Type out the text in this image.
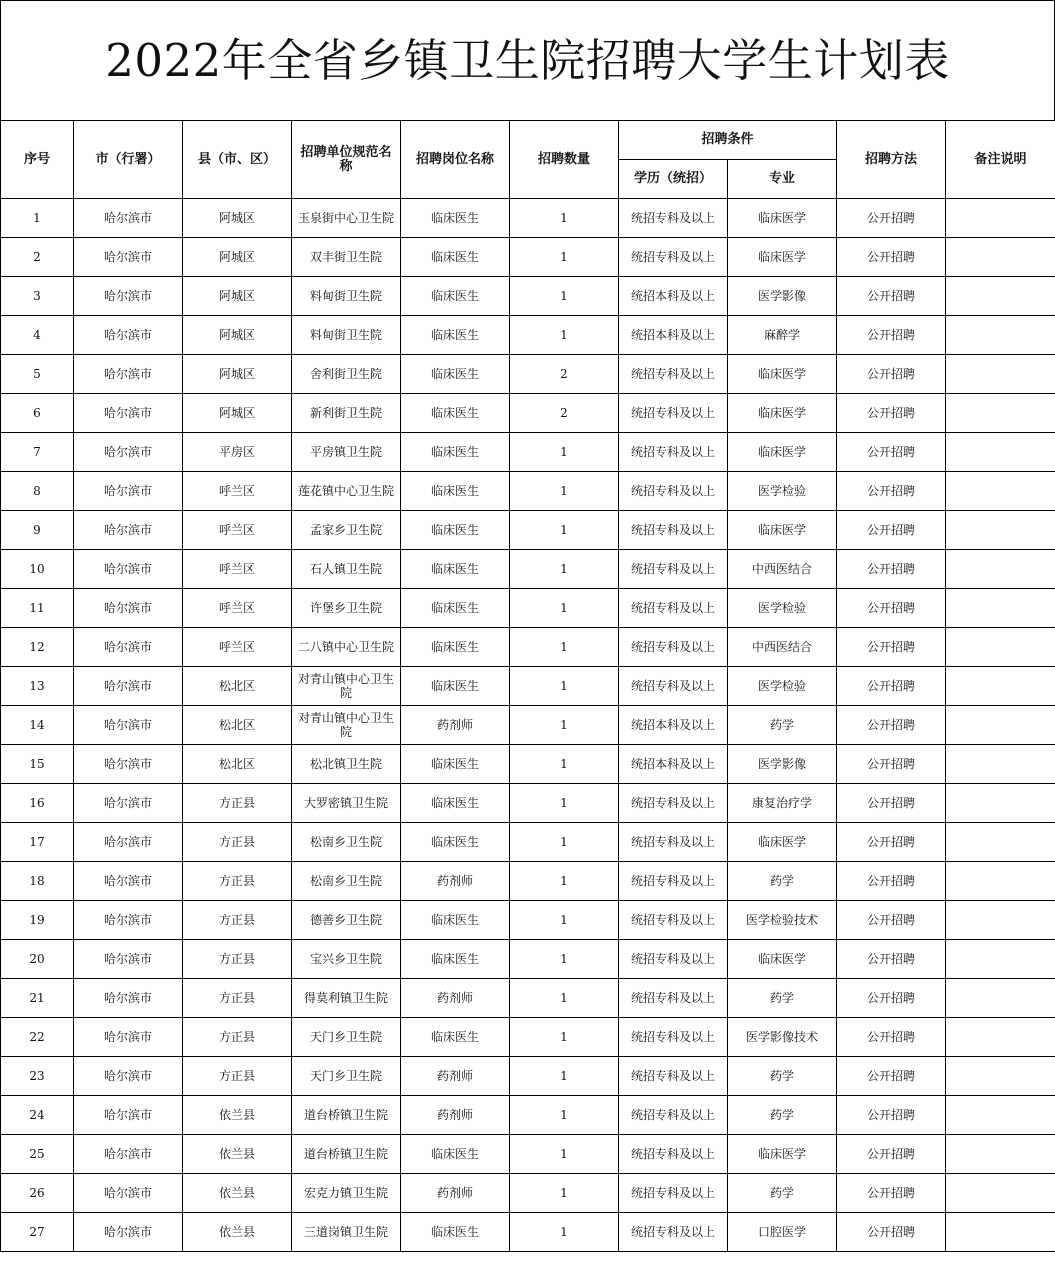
2022年全省乡镇卫生院招聘大学生计划表
序号	市（行署）	县（市、区）	招聘单位规范名称	招聘岗位名称	招聘数量	招聘条件		招聘方法	备注说明
						学历（统招）	专业		
1	哈尔滨市	阿城区	玉泉街中心卫生院	临床医生	1	统招专科及以上	临床医学	公开招聘	
2	哈尔滨市	阿城区	双丰街卫生院	临床医生	1	统招专科及以上	临床医学	公开招聘	
3	哈尔滨市	阿城区	料甸街卫生院	临床医生	1	统招本科及以上	医学影像	公开招聘	
4	哈尔滨市	阿城区	料甸街卫生院	临床医生	1	统招本科及以上	麻醉学	公开招聘	
5	哈尔滨市	阿城区	舍利街卫生院	临床医生	2	统招专科及以上	临床医学	公开招聘	
6	哈尔滨市	阿城区	新利街卫生院	临床医生	2	统招专科及以上	临床医学	公开招聘	
7	哈尔滨市	平房区	平房镇卫生院	临床医生	1	统招专科及以上	临床医学	公开招聘	
8	哈尔滨市	呼兰区	莲花镇中心卫生院	临床医生	1	统招专科及以上	医学检验	公开招聘	
9	哈尔滨市	呼兰区	孟家乡卫生院	临床医生	1	统招专科及以上	临床医学	公开招聘	
10	哈尔滨市	呼兰区	石人镇卫生院	临床医生	1	统招专科及以上	中西医结合	公开招聘	
11	哈尔滨市	呼兰区	许堡乡卫生院	临床医生	1	统招专科及以上	医学检验	公开招聘	
12	哈尔滨市	呼兰区	二八镇中心卫生院	临床医生	1	统招专科及以上	中西医结合	公开招聘	
13	哈尔滨市	松北区	对青山镇中心卫生院	临床医生	1	统招专科及以上	医学检验	公开招聘	
14	哈尔滨市	松北区	对青山镇中心卫生院	药剂师	1	统招本科及以上	药学	公开招聘	
15	哈尔滨市	松北区	松北镇卫生院	临床医生	1	统招本科及以上	医学影像	公开招聘	
16	哈尔滨市	方正县	大罗密镇卫生院	临床医生	1	统招专科及以上	康复治疗学	公开招聘	
17	哈尔滨市	方正县	松南乡卫生院	临床医生	1	统招专科及以上	临床医学	公开招聘	
18	哈尔滨市	方正县	松南乡卫生院	药剂师	1	统招专科及以上	药学	公开招聘	
19	哈尔滨市	方正县	德善乡卫生院	临床医生	1	统招专科及以上	医学检验技术	公开招聘	
20	哈尔滨市	方正县	宝兴乡卫生院	临床医生	1	统招专科及以上	临床医学	公开招聘	
21	哈尔滨市	方正县	得莫利镇卫生院	药剂师	1	统招专科及以上	药学	公开招聘	
22	哈尔滨市	方正县	天门乡卫生院	临床医生	1	统招专科及以上	医学影像技术	公开招聘	
23	哈尔滨市	方正县	天门乡卫生院	药剂师	1	统招专科及以上	药学	公开招聘	
24	哈尔滨市	依兰县	道台桥镇卫生院	药剂师	1	统招专科及以上	药学	公开招聘	
25	哈尔滨市	依兰县	道台桥镇卫生院	临床医生	1	统招专科及以上	临床医学	公开招聘	
26	哈尔滨市	依兰县	宏克力镇卫生院	药剂师	1	统招专科及以上	药学	公开招聘	
27	哈尔滨市	依兰县	三道岗镇卫生院	临床医生	1	统招专科及以上	口腔医学	公开招聘	
